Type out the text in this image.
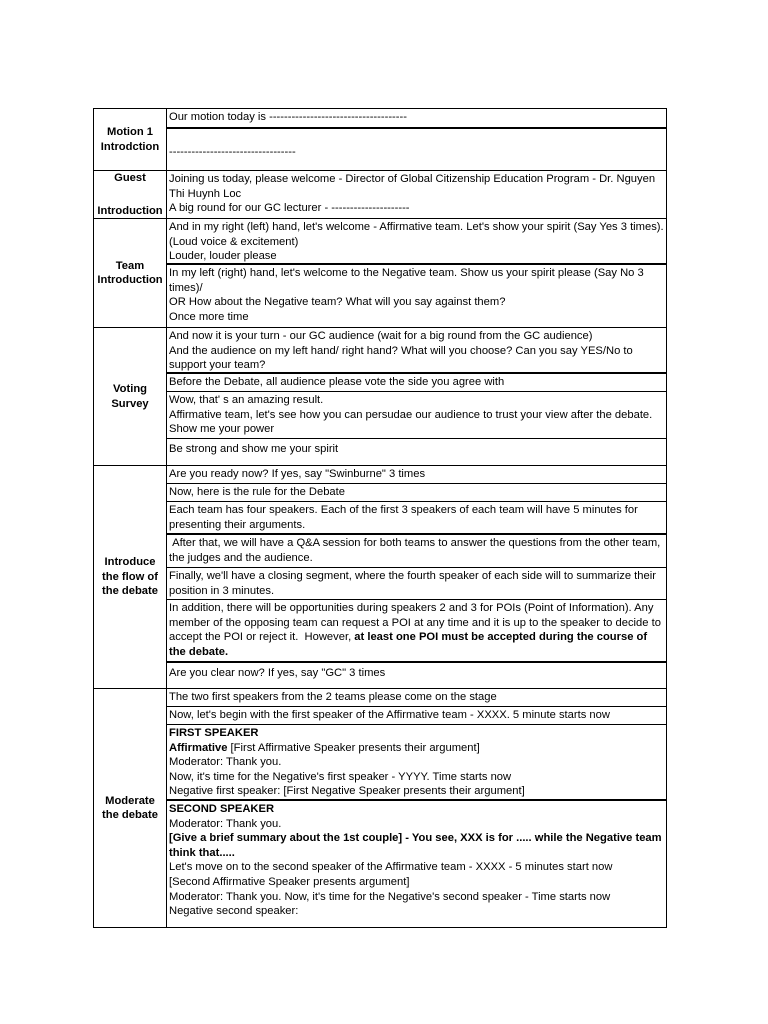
Motion 1
Introdction
Our motion today is -------------------------------------
----------------------------------
Guest
Introduction
Joining us today, please welcome - Director of Global Citizenship Education Program - Dr. Nguyen Thi Huynh Loc
A big round for our GC lecturer - ---------------------
Team
Introduction
And in my right (left) hand, let's welcome - Affirmative team. Let's show your spirit (Say Yes 3 times). (Loud voice & excitement)
Louder, louder please
In my left (right) hand, let's welcome to the Negative team. Show us your spirit please (Say No 3 times)/
OR How about the Negative team? What will you say against them?
Once more time
Voting
Survey
And now it is your turn - our GC audience (wait for a big round from the GC audience)
And the audience on my left hand/ right hand? What will you choose? Can you say YES/No to support your team?
Before the Debate, all audience please vote the side you agree with
Wow, that' s an amazing result.
Affirmative team, let's see how you can persudae our audience to trust your view after the debate. Show me your power
Be strong and show me your spirit
Introduce
the flow of
the debate
Are you ready now? If yes, say "Swinburne" 3 times
Now, here is the rule for the Debate
Each team has four speakers. Each of the first 3 speakers of each team will have 5 minutes for presenting their arguments.
After that, we will have a Q&A session for both teams to answer the questions from the other team, the judges and the audience.
Finally, we'll have a closing segment, where the fourth speaker of each side will to summarize their position in 3 minutes.
In addition, there will be opportunities during speakers 2 and 3 for POIs (Point of Information). Any member of the opposing team can request a POI at any time and it is up to the speaker to decide to accept the POI or reject it.  However, at least one POI must be accepted during the course of the debate.
Are you clear now? If yes, say "GC" 3 times
Moderate
the debate
The two first speakers from the 2 teams please come on the stage
Now, let's begin with the first speaker of the Affirmative team - XXXX. 5 minute starts now
FIRST SPEAKER
Affirmative [First Affirmative Speaker presents their argument]
Moderator: Thank you.
Now, it's time for the Negative's first speaker - YYYY. Time starts now
Negative first speaker: [First Negative Speaker presents their argument]
SECOND SPEAKER
Moderator: Thank you.
[Give a brief summary about the 1st couple] - You see, XXX is for ..... while the Negative team think that.....
Let's move on to the second speaker of the Affirmative team - XXXX - 5 minutes start now
[Second Affirmative Speaker presents argument]
Moderator: Thank you. Now, it's time for the Negative's second speaker - Time starts now
Negative second speaker:
